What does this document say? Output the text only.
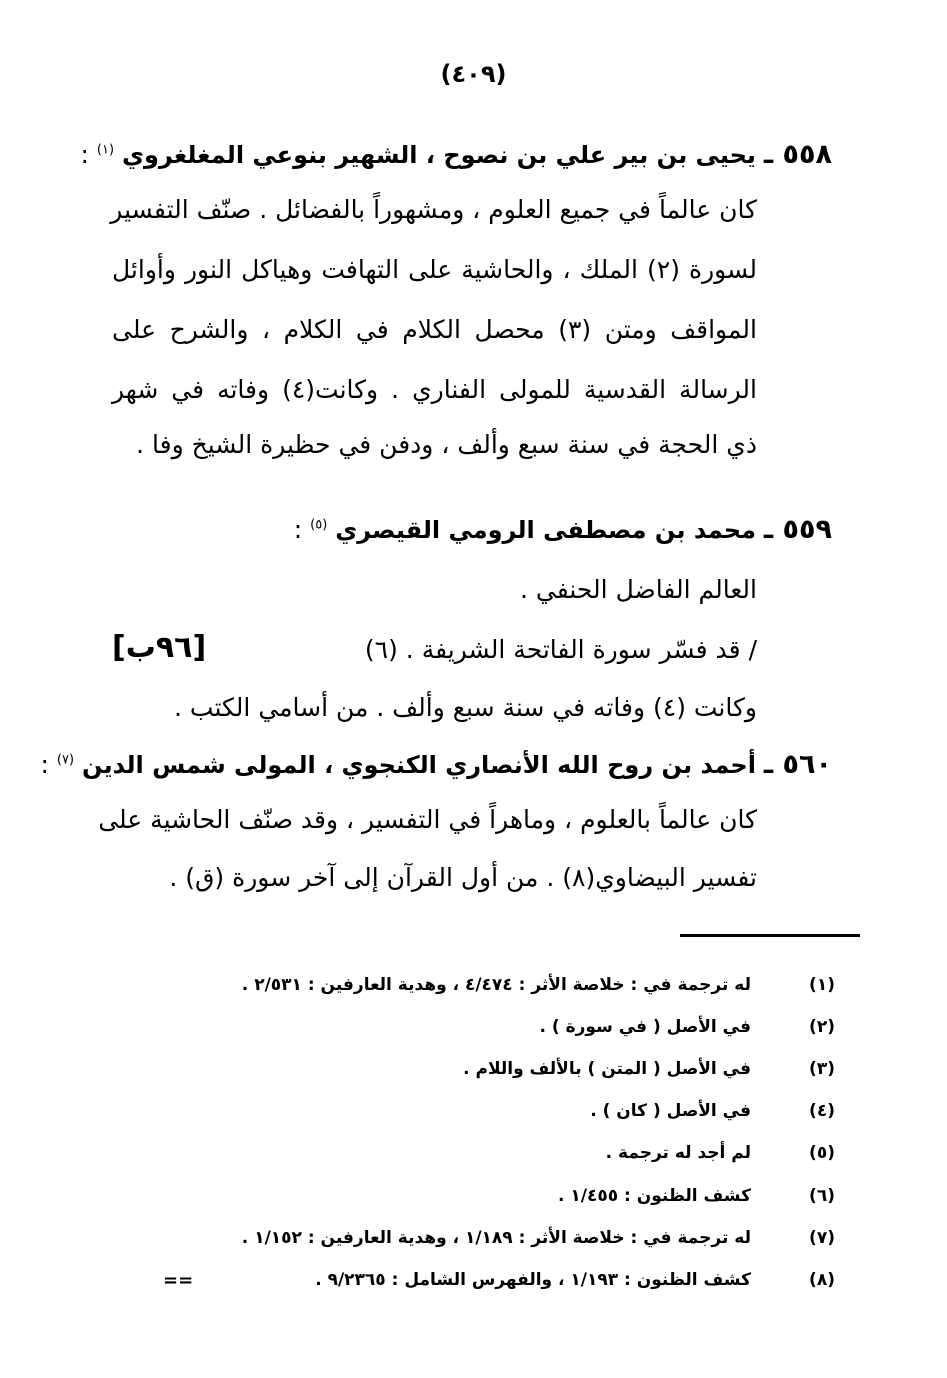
(٤٠٩)
٥٥٨ ـ يحيى بن بير علي بن نصوح ، الشهير بنوعي المغلغروي $^{(١)}$ :
كان عالماً في جميع العلوم ، ومشهوراً بالفضائل . صنّف التفسير
لسورة (٢) الملك ، والحاشية على التهافت وهياكل النور وأوائل
المواقف ومتن (٣) محصل الكلام في الكلام ، والشرح على
الرسالة القدسية للمولى الفناري . وكانت(٤) وفاته في شهر
ذي الحجة في سنة سبع وألف ، ودفن في حظيرة الشيخ وفا .
٥٥٩ ـ محمد بن مصطفى الرومي القيصري $^{(٥)}$ :
العالم الفاضل الحنفي .
/ قد فسّر سورة الفاتحة الشريفة . (٦)
[٩٦ب]
وكانت (٤) وفاته في سنة سبع وألف . من أسامي الكتب .
٥٦٠ ـ أحمد بن روح الله الأنصاري الكنجوي ، المولى شمس الدين $^{(٧)}$ :
كان عالماً بالعلوم ، وماهراً في التفسير ، وقد صنّف الحاشية على
تفسير البيضاوي(٨) . من أول القرآن إلى آخر سورة (ق) .
(١)له ترجمة في : خلاصة الأثر : ٤/٤٧٤ ، وهدية العارفين : ٢/٥٣١ .
(٢)في الأصل ( في سورة ) .
(٣)في الأصل ( المتن ) بالألف واللام .
(٤)في الأصل ( كان ) .
(٥)لم أجد له ترجمة .
(٦)كشف الظنون : ١/٤٥٥ .
(٧)له ترجمة في : خلاصة الأثر : ١/١٨٩ ، وهدية العارفين : ١/١٥٢ .
(٨)كشف الظنون : ١/١٩٣ ، والفهرس الشامل : ٩/٢٣٦٥ .
==
